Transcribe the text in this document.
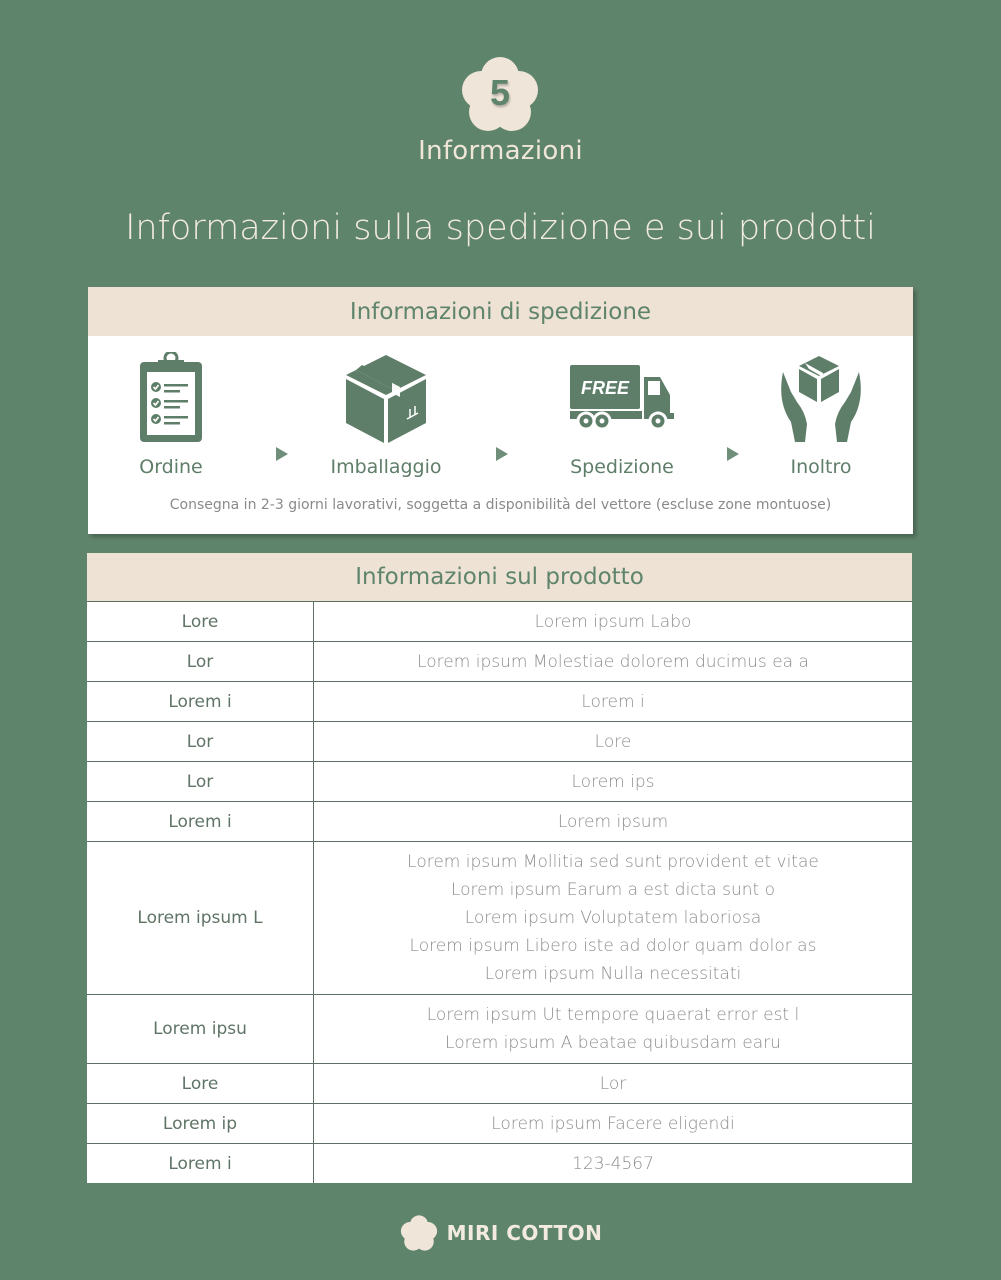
5
Informazioni
Informazioni sulla spedizione e sui prodotti
Informazioni di spedizione
Ordine	Imballaggio
FREE
Spedizione	Inoltro
Consegna in 2-3 giorni lavorativi, soggetta a disponibilità del vettore (escluse zone montuose)
Informazioni sul prodotto
Lore	Lorem ipsum Labo

Lor	Lorem ipsum Molestiae dolorem ducimus ea a

Lorem i	Lorem i

Lor	Lore

Lor	Lorem ips

Lorem i	Lorem ipsum

Lorem ipsum L	Lorem ipsum Mollitia sed sunt provident et vitae
Lorem ipsum Earum a est dicta sunt o
Lorem ipsum Voluptatem laboriosa
Lorem ipsum Libero iste ad dolor quam dolor as
Lorem ipsum Nulla necessitati

Lorem ipsu	Lorem ipsum Ut tempore quaerat error est l
Lorem ipsum A beatae quibusdam earu

Lore	Lor

Lorem ip	Lorem ipsum Facere eligendi

Lorem i	123-4567
MIRI COTTON
